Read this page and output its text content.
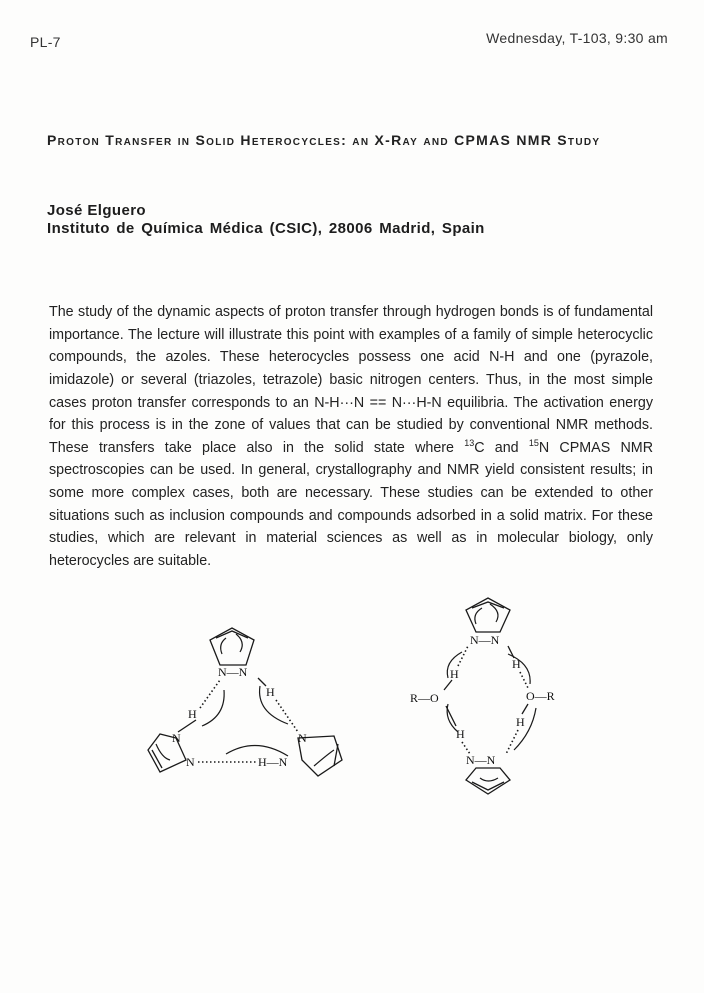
PL-7	Wednesday, T-103, 9:30 am
Proton Transfer in Solid Heterocycles: an X-Ray and CPMAS NMR Study
José Elguero
Instituto de Química Médica (CSIC), 28006 Madrid, Spain

The study of the dynamic aspects of proton transfer through hydrogen bonds is of fundamental importance. The lecture will illustrate this point with examples of a family of simple heterocyclic compounds, the azoles. These heterocycles possess one acid N-H and one (pyrazole, imidazole) or several (triazoles, tetrazole) basic nitrogen centers. Thus, in the most simple cases proton transfer corresponds to an N-H···N == N···H-N equilibria. The activation energy for this process is in the zone of values that can be studied by conventional NMR methods. These transfers take place also in the solid state where $^{13}$C and $^{15}$N CPMAS NMR spectroscopies can be used. In general, crystallography and NMR yield consistent results; in some more complex cases, both are necessary. These studies can be extended to other situations such as inclusion compounds and compounds adsorbed in a solid matrix. For these studies, which are relevant in material sciences as well as in molecular biology, only heterocycles are suitable.

N—N
N
N
N
H—N
H
H
N—N
N—N
R—O	O—R
H
H
H
H
